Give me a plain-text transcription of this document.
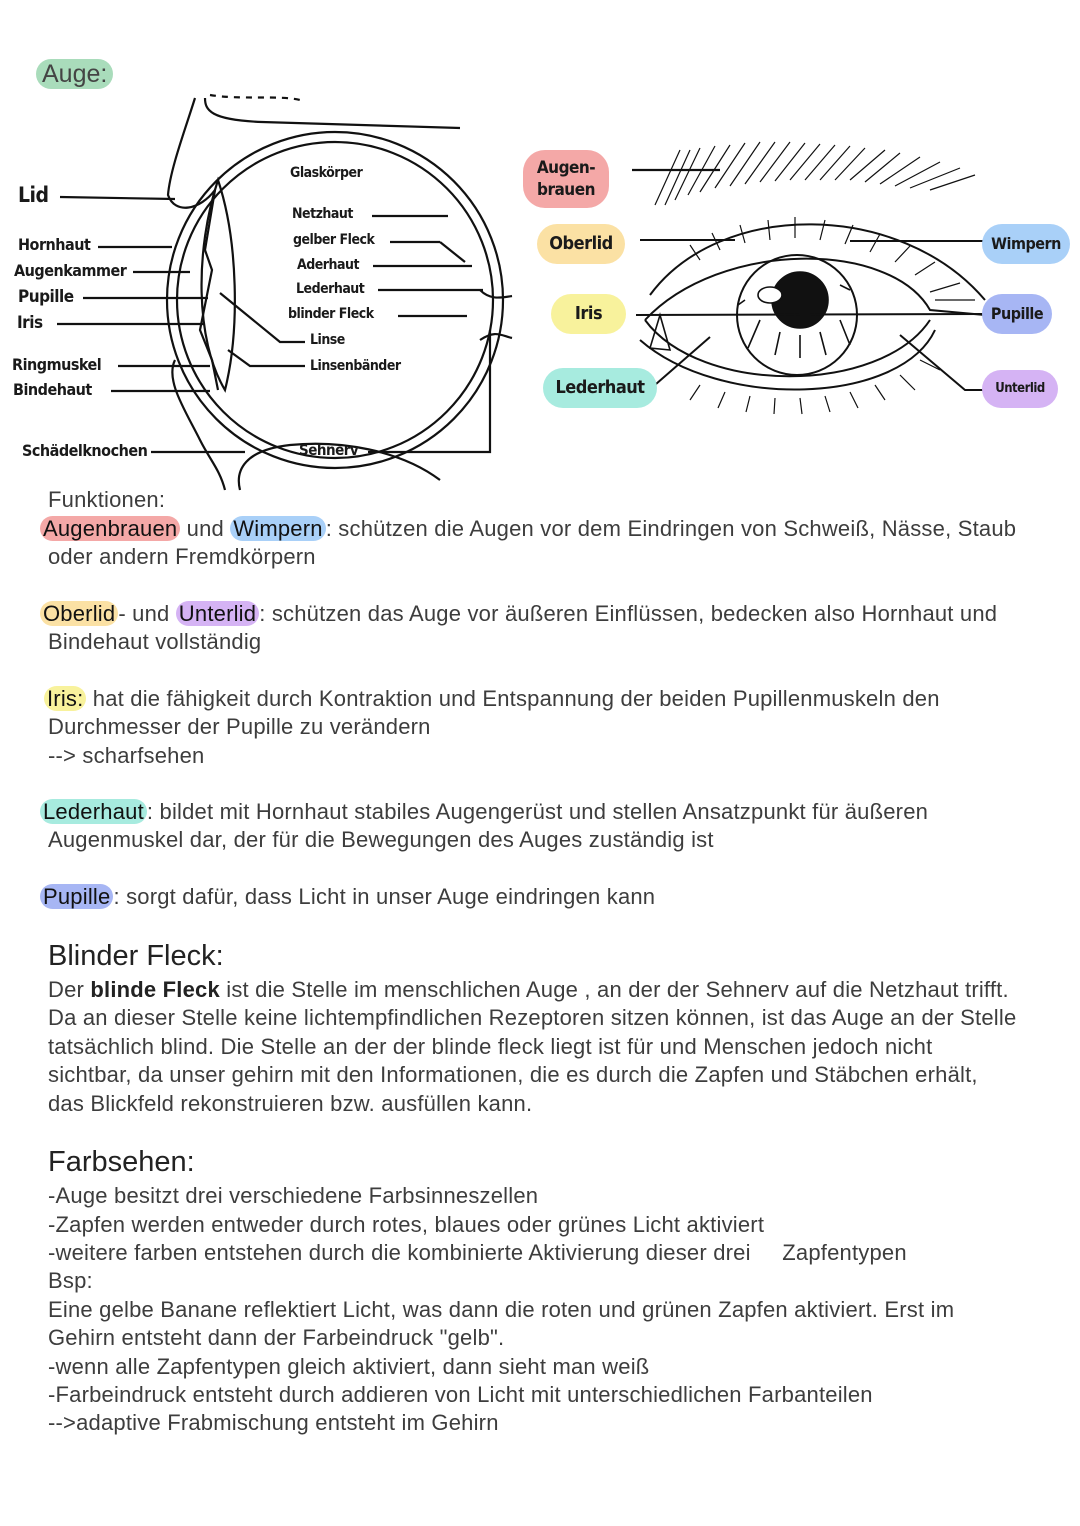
Auge:
Lid
Hornhaut
Augenkammer
Pupille
Iris
Ringmuskel
Bindehaut
Schädelknochen
Glaskörper
Netzhaut
gelber Fleck
Aderhaut
Lederhaut
blinder Fleck
Linse
Linsenbänder
Sehnerv
Augen-
brauen
Oberlid
Iris
Lederhaut
Wimpern
Pupille
Unterlid
Funktionen:
Augenbrauen und Wimpern : schützen die Augen vor dem Eindringen von Schweiß, Nässe, Staub
oder andern Fremdkörpern
Oberlid - und Unterlid : schützen das Auge vor äußeren Einflüssen, bedecken also Hornhaut und
Bindehaut vollständig
Iris: hat die fähigkeit durch Kontraktion und Entspannung der beiden Pupillenmuskeln den
Durchmesser der Pupille zu verändern
--> scharfsehen
Lederhaut : bildet mit Hornhaut stabiles Augengerüst und stellen Ansatzpunkt für äußeren
Augenmuskel dar, der für die Bewegungen des Auges zuständig ist
Pupille : sorgt dafür, dass Licht in unser Auge eindringen kann
Blinder Fleck:
Der blinde Fleck ist die Stelle im menschlichen Auge , an der der Sehnerv auf die Netzhaut trifft.
Da an dieser Stelle keine lichtempfindlichen Rezeptoren sitzen können, ist das Auge an der Stelle
tatsächlich blind. Die Stelle an der der blinde fleck liegt ist für und Menschen jedoch nicht
sichtbar, da unser gehirn mit den Informationen, die es durch die Zapfen und Stäbchen erhält,
das Blickfeld rekonstruieren bzw. ausfüllen kann.
Farbsehen:
-Auge besitzt drei verschiedene Farbsinneszellen
-Zapfen werden entweder durch rotes, blaues oder grünes Licht aktiviert
-weitere farben entstehen durch die kombinierte Aktivierung dieser drei     Zapfentypen
Bsp:
Eine gelbe Banane reflektiert Licht, was dann die roten und grünen Zapfen aktiviert. Erst im
Gehirn entsteht dann der Farbeindruck "gelb".
-wenn alle Zapfentypen gleich aktiviert, dann sieht man weiß
-Farbeindruck entsteht durch addieren von Licht mit unterschiedlichen Farbanteilen
-->adaptive Frabmischung entsteht im Gehirn
